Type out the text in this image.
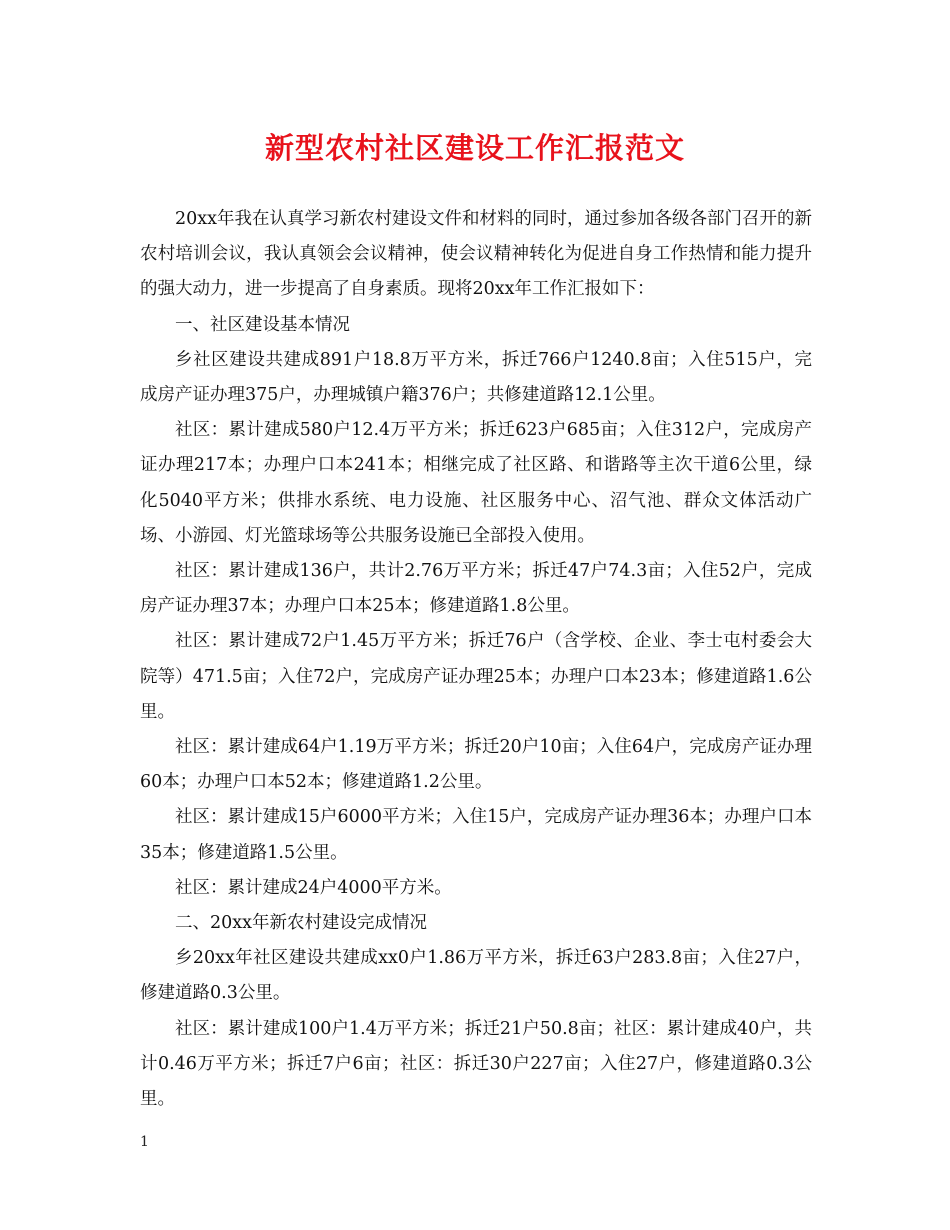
新型农村社区建设工作汇报范文

20xx年我在认真学习新农村建设文件和材料的同时，通过参加各级各部门召开的新农村培训会议，我认真领会会议精神，使会议精神转化为促进自身工作热情和能力提升的强大动力，进一步提高了自身素质。现将20xx年工作汇报如下：

一、社区建设基本情况

乡社区建设共建成891户18.8万平方米，拆迁766户1240.8亩；入住515户，完成房产证办理375户，办理城镇户籍376户；共修建道路12.1公里。

社区：累计建成580户12.4万平方米；拆迁623户685亩；入住312户，完成房产证办理217本；办理户口本241本；相继完成了社区路、和谐路等主次干道6公里，绿化5040平方米；供排水系统、电力设施、社区服务中心、沼气池、群众文体活动广场、小游园、灯光篮球场等公共服务设施已全部投入使用。

社区：累计建成136户，共计2.76万平方米；拆迁47户74.3亩；入住52户，完成房产证办理37本；办理户口本25本；修建道路1.8公里。

社区：累计建成72户1.45万平方米；拆迁76户（含学校、企业、李士屯村委会大院等）471.5亩；入住72户，完成房产证办理25本；办理户口本23本；修建道路1.6公里。

社区：累计建成64户1.19万平方米；拆迁20户10亩；入住64户，完成房产证办理60本；办理户口本52本；修建道路1.2公里。

社区：累计建成15户6000平方米；入住15户，完成房产证办理36本；办理户口本35本；修建道路1.5公里。

社区：累计建成24户4000平方米。

二、20xx年新农村建设完成情况

乡20xx年社区建设共建成xx0户1.86万平方米，拆迁63户283.8亩；入住27户，修建道路0.3公里。

社区：累计建成100户1.4万平方米；拆迁21户50.8亩；社区：累计建成40户，共计0.46万平方米；拆迁7户6亩；社区：拆迁30户227亩；入住27户，修建道路0.3公里。

1
